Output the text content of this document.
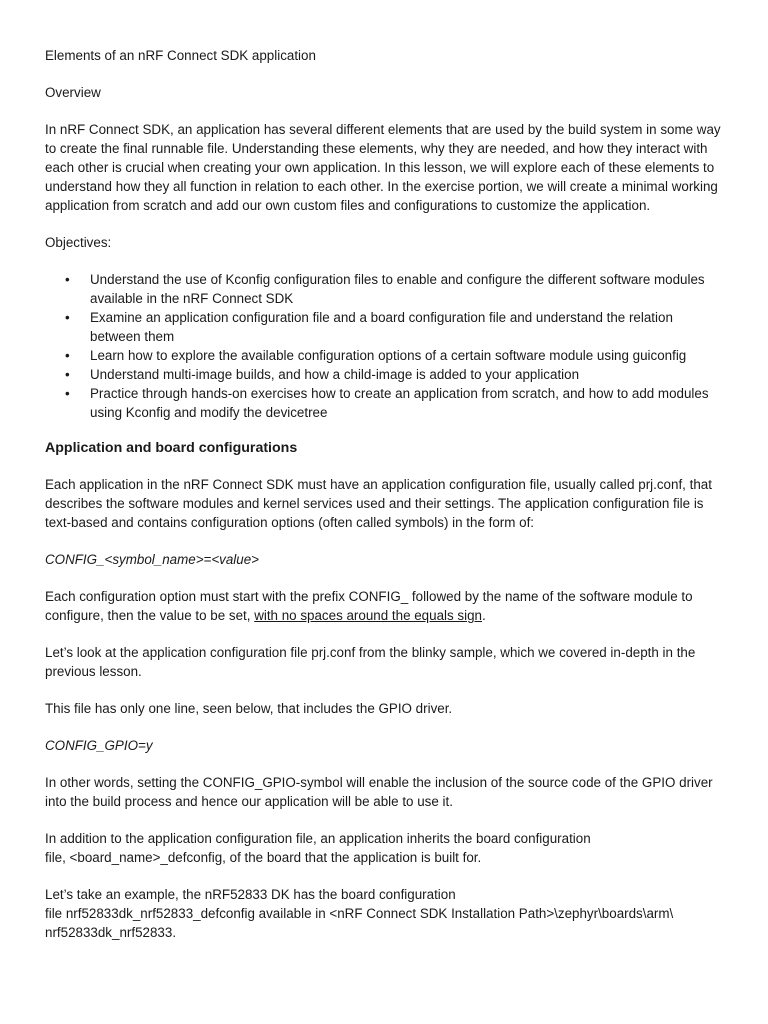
Elements of an nRF Connect SDK application

Overview

In nRF Connect SDK, an application has several different elements that are used by the build system in some way to create the final runnable file. Understanding these elements, why they are needed, and how they interact with each other is crucial when creating your own application. In this lesson, we will explore each of these elements to understand how they all function in relation to each other. In the exercise portion, we will create a minimal working application from scratch and add our own custom files and configurations to customize the application.

Objectives:

• Understand the use of Kconfig configuration files to enable and configure the different software modules available in the nRF Connect SDK
• Examine an application configuration file and a board configuration file and understand the relation between them
• Learn how to explore the available configuration options of a certain software module using guiconfig
• Understand multi-image builds, and how a child-image is added to your application
• Practice through hands-on exercises how to create an application from scratch, and how to add modules using Kconfig and modify the devicetree
Application and board configurations

Each application in the nRF Connect SDK must have an application configuration file, usually called prj.conf, that describes the software modules and kernel services used and their settings. The application configuration file is text-based and contains configuration options (often called symbols) in the form of:

CONFIG_<symbol_name>=<value>

Each configuration option must start with the prefix CONFIG_ followed by the name of the software module to configure, then the value to be set, with no spaces around the equals sign.

Let’s look at the application configuration file prj.conf from the blinky sample, which we covered in-depth in the previous lesson.

This file has only one line, seen below, that includes the GPIO driver.

CONFIG_GPIO=y

In other words, setting the CONFIG_GPIO-symbol will enable the inclusion of the source code of the GPIO driver into the build process and hence our application will be able to use it.

In addition to the application configuration file, an application inherits the board configuration
file, <board_name>_defconfig, of the board that the application is built for.

Let’s take an example, the nRF52833 DK has the board configuration
file nrf52833dk_nrf52833_defconfig available in <nRF Connect SDK Installation Path>\zephyr\boards\arm\
nrf52833dk_nrf52833.
